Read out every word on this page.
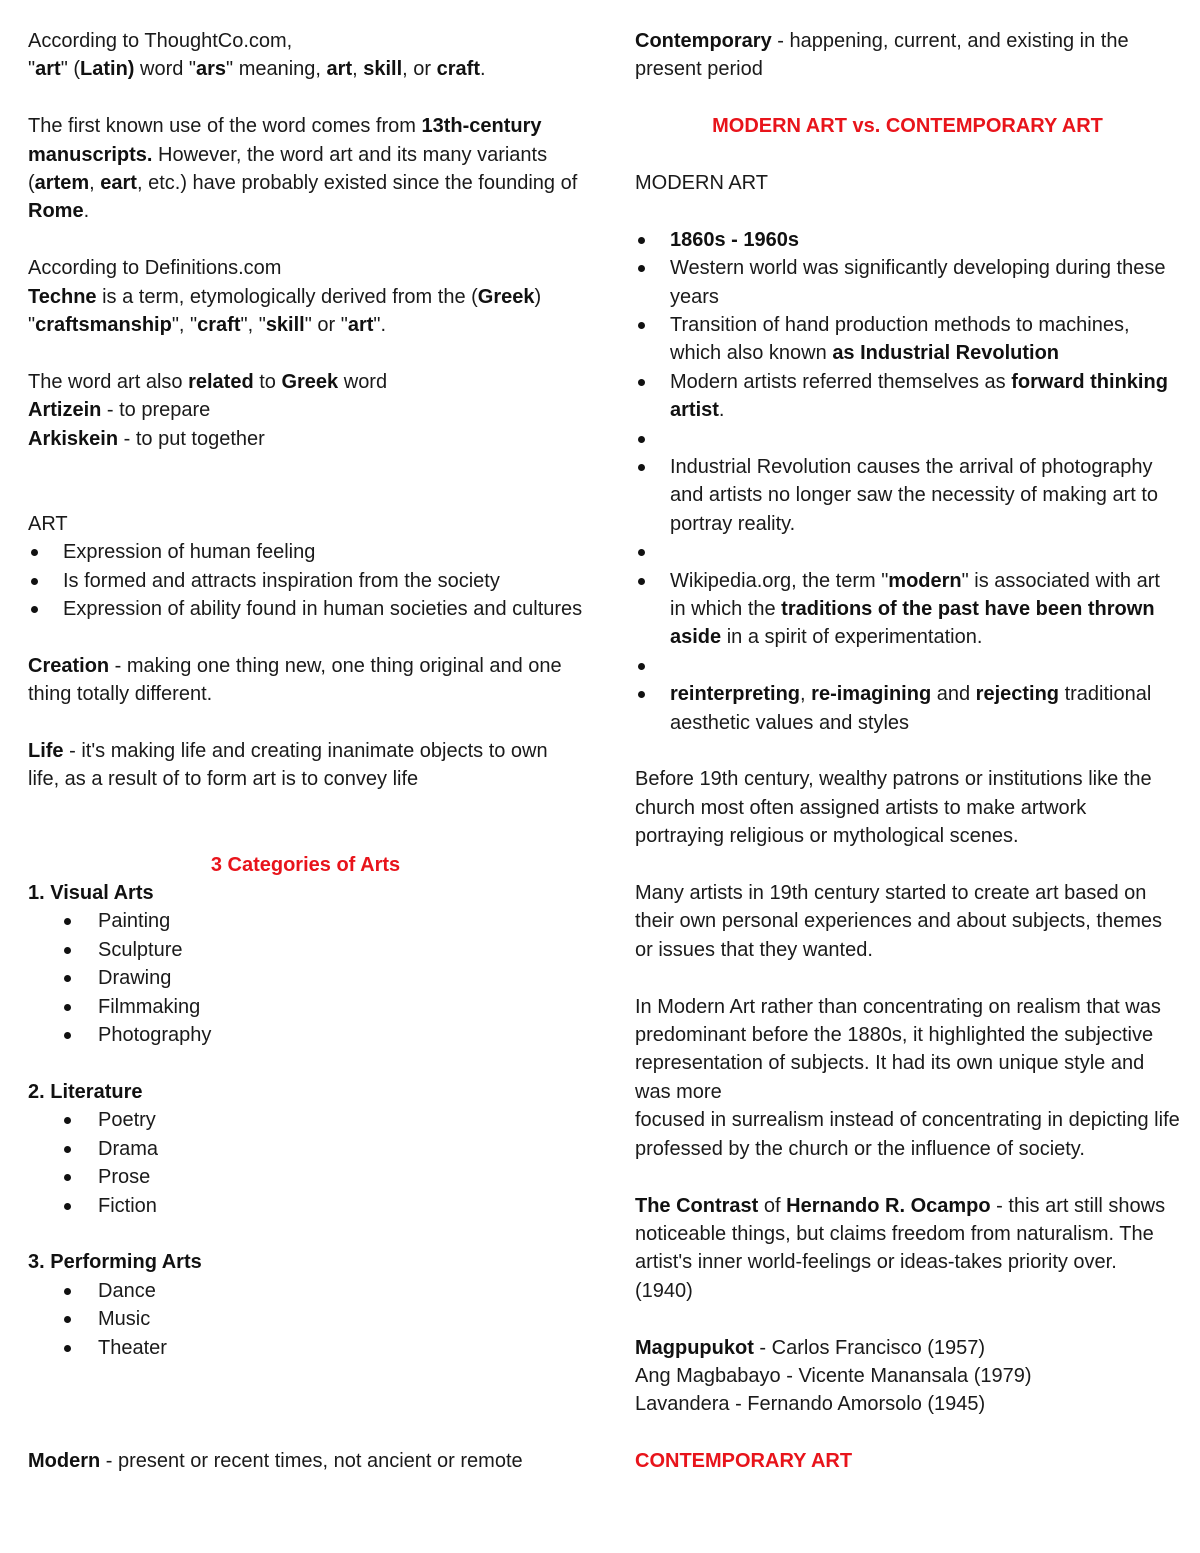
According to ThoughtCo.com,

"art" (Latin) word "ars" meaning, art, skill, or craft.

The first known use of the word comes from 13th-century manuscripts. However, the word art and its many variants (artem, eart, etc.) have probably existed since the founding of Rome.

According to Definitions.com

Techne is a term, etymologically derived from the (Greek) "craftsmanship", "craft", "skill" or "art".

The word art also related to Greek word

Artizein - to prepare

Arkiskein - to put together

ART

Expression of human feeling
Is formed and attracts inspiration from the society
Expression of ability found in human societies and cultures

Creation - making one thing new, one thing original and one thing totally different.

Life - it's making life and creating inanimate objects to own life, as a result of to form art is to convey life

3 Categories of Arts

1. Visual Arts

Painting
Sculpture
Drawing
Filmmaking
Photography

2. Literature

Poetry
Drama
Prose
Fiction

3. Performing Arts

Dance
Music
Theater

Modern - present or recent times, not ancient or remote

Contemporary - happening, current, and existing in the present period

MODERN ART vs. CONTEMPORARY ART

MODERN ART

1860s - 1960s
Western world was significantly developing during these years
Transition of hand production methods to machines, which also known as Industrial Revolution
Modern artists referred themselves as forward thinking artist.
Industrial Revolution causes the arrival of photography and artists no longer saw the necessity of making art to portray reality.
Wikipedia.org, the term "modern" is associated with art in which the traditions of the past have been thrown aside in a spirit of experimentation.
reinterpreting, re-imagining and rejecting traditional aesthetic values and styles

Before 19th century, wealthy patrons or institutions like the church most often assigned artists to make artwork portraying religious or mythological scenes.

Many artists in 19th century started to create art based on their own personal experiences and about subjects, themes or issues that they wanted.

In Modern Art rather than concentrating on realism that was predominant before the 1880s, it highlighted the subjective representation of subjects. It had its own unique style and was more

focused in surrealism instead of concentrating in depicting life professed by the church or the influence of society.

The Contrast of Hernando R. Ocampo - this art still shows noticeable things, but claims freedom from naturalism. The artist's inner world-feelings or ideas-takes priority over. (1940)

Magpupukot - Carlos Francisco (1957)

Ang Magbabayo - Vicente Manansala (1979)

Lavandera - Fernando Amorsolo (1945)

CONTEMPORARY ART
